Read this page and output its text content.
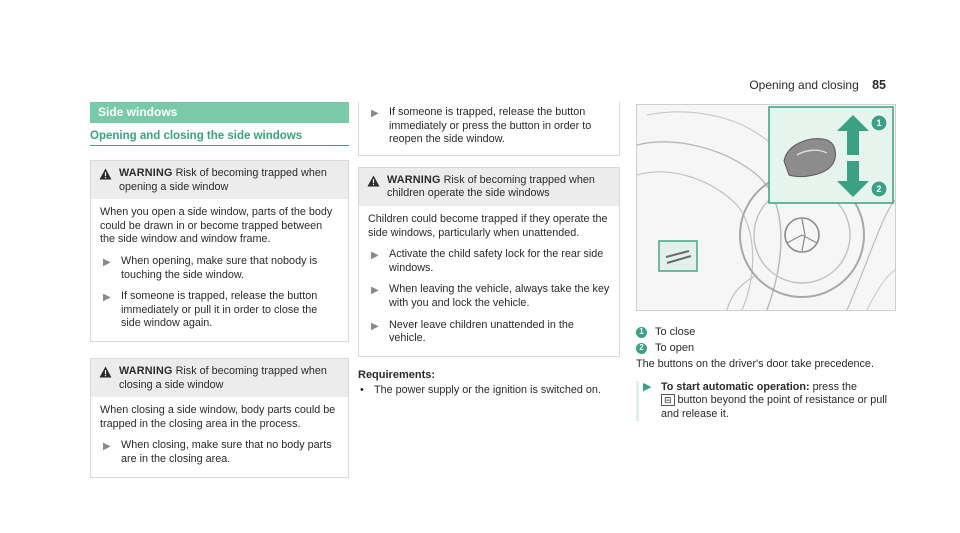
Opening and closing 85
Side windows
Opening and closing the side windows
WARNING Risk of becoming trapped when opening a side window

When you open a side window, parts of the body could be drawn in or become trapped between the side window and window frame.

▶ When opening, make sure that nobody is touching the side window.
▶ If someone is trapped, release the button immediately or pull it in order to close the side window again.
WARNING Risk of becoming trapped when closing a side window

When closing a side window, body parts could be trapped in the closing area in the process.

▶ When closing, make sure that no body parts are in the closing area.
▶ If someone is trapped, release the button immediately or press the button in order to reopen the side window.
WARNING Risk of becoming trapped when children operate the side windows

Children could become trapped if they operate the side windows, particularly when unattended.

▶ Activate the child safety lock for the rear side windows.
▶ When leaving the vehicle, always take the key with you and lock the vehicle.
▶ Never leave children unattended in the vehicle.
Requirements:
• The power supply or the ignition is switched on.
1
2
1 To close
2 To open
The buttons on the driver's door take precedence.
▶ To start automatic operation: press the
⊟ button beyond the point of resistance or pull and release it.
